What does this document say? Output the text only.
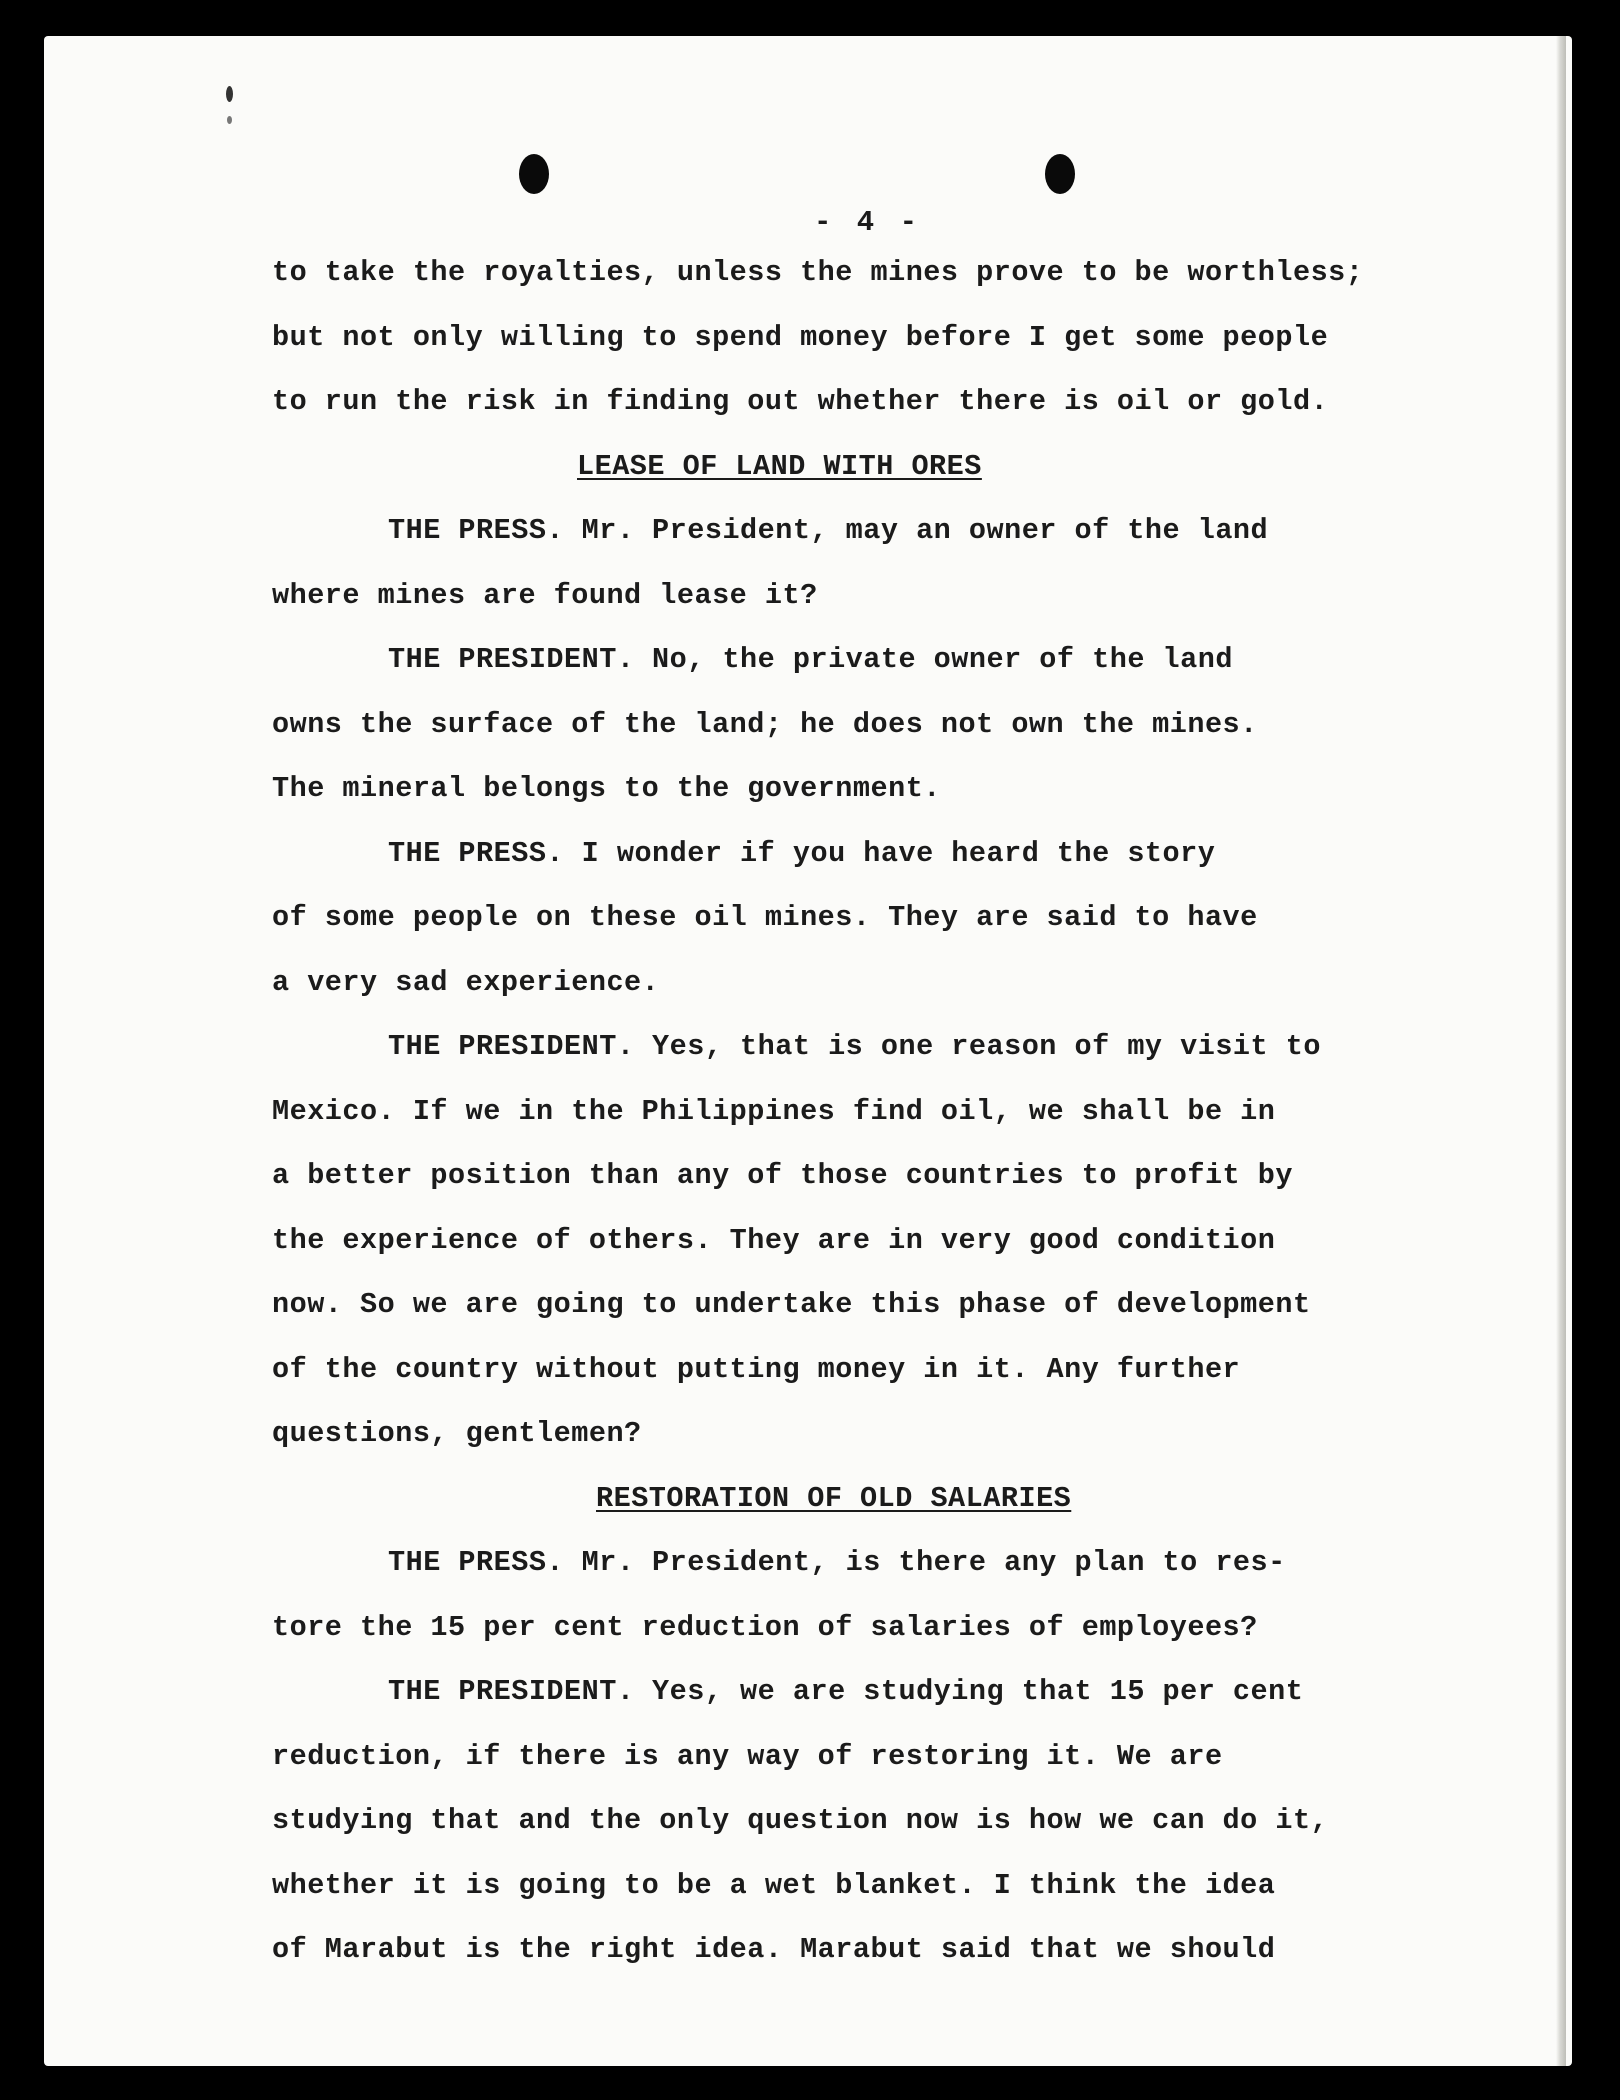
- 4 -
to take the royalties, unless the mines prove to be worthless;
but not only willing to spend money before I get some people
to run the risk in finding out whether there is oil or gold.
LEASE OF LAND WITH ORES
THE PRESS. Mr. President, may an owner of the land
where mines are found lease it?
THE PRESIDENT. No, the private owner of the land
owns the surface of the land; he does not own the mines.
The mineral belongs to the government.
THE PRESS. I wonder if you have heard the story
of some people on these oil mines. They are said to have
a very sad experience.
THE PRESIDENT. Yes, that is one reason of my visit to
Mexico. If we in the Philippines find oil, we shall be in
a better position than any of those countries to profit by
the experience of others. They are in very good condition
now. So we are going to undertake this phase of development
of the country without putting money in it. Any further
questions, gentlemen?
RESTORATION OF OLD SALARIES
THE PRESS. Mr. President, is there any plan to res-
tore the 15 per cent reduction of salaries of employees?
THE PRESIDENT. Yes, we are studying that 15 per cent
reduction, if there is any way of restoring it. We are
studying that and the only question now is how we can do it,
whether it is going to be a wet blanket. I think the idea
of Marabut is the right idea. Marabut said that we should
